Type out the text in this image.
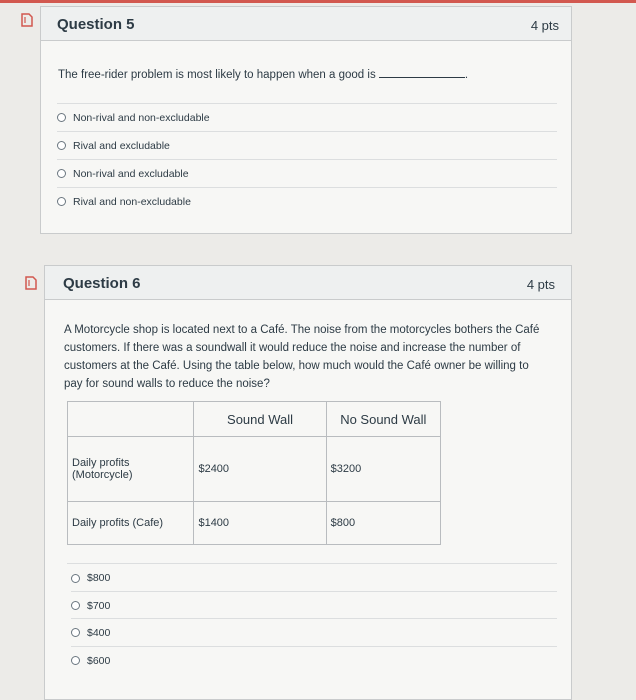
Question 5	4 pts
The free-rider problem is most likely to happen when a good is	.
Non-rival and non-excludable
Rival and excludable
Non-rival and excludable
Rival and non-excludable
Question 6	4 pts
A Motorcycle shop is located next to a Café. The noise from the motorcycles bothers the Café
customers. If there was a soundwall it would reduce the noise and increase the number of
customers at the Café. Using the table below, how much would the Café owner be willing to
pay for sound walls to reduce the noise?
	Sound Wall	No Sound Wall

Daily profits
(Motorcycle)	$2400	$3200

Daily profits (Cafe)	$1400	$800
$800
$700
$400
$600
